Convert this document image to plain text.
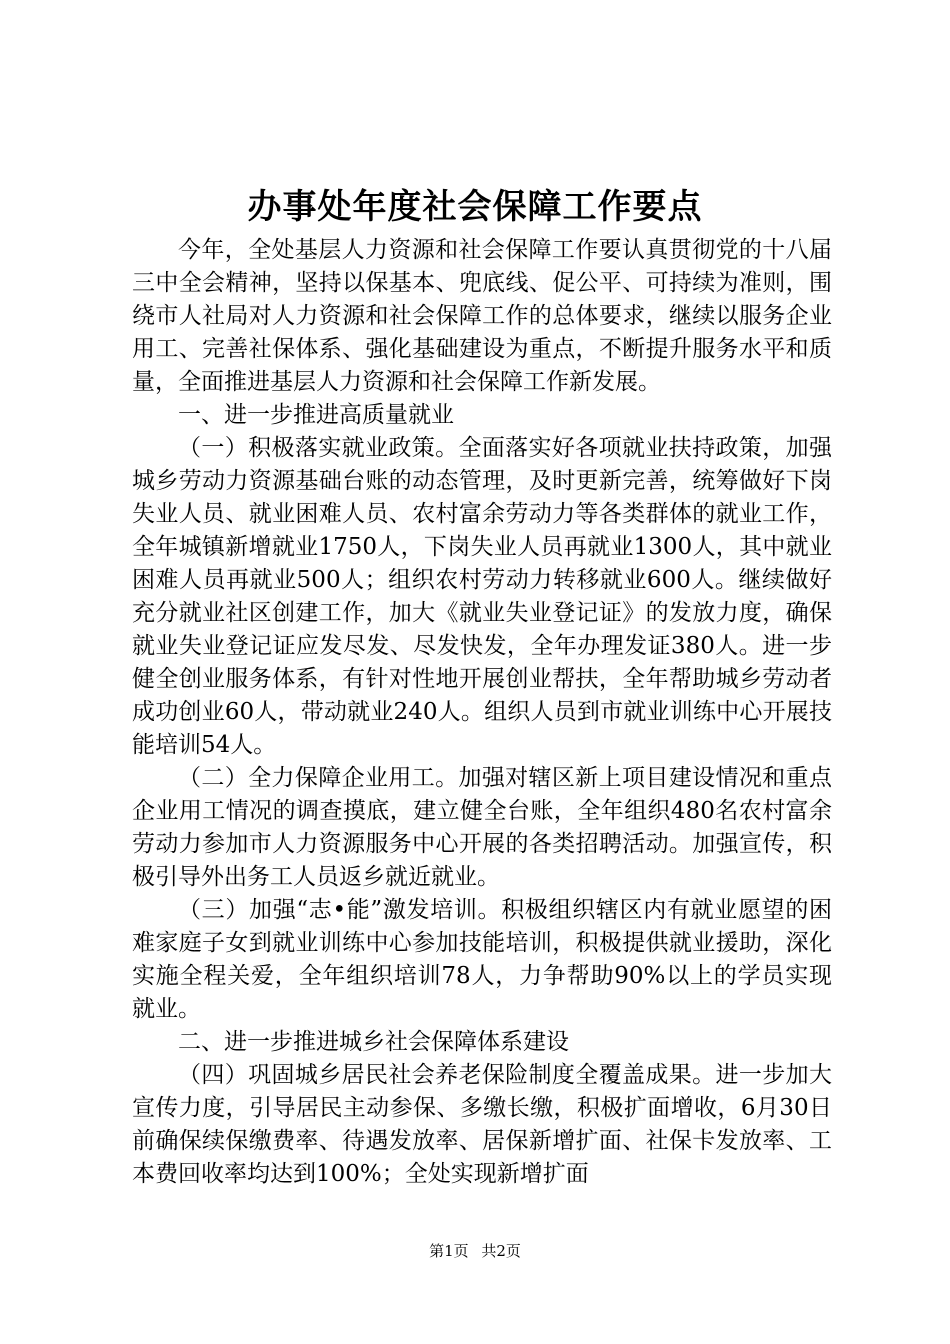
办事处年度社会保障工作要点

今年，全处基层人力资源和社会保障工作要认真贯彻党的十八届三中全会精神，坚持以保基本、兜底线、促公平、可持续为准则，围绕市人社局对人力资源和社会保障工作的总体要求，继续以服务企业用工、完善社保体系、强化基础建设为重点，不断提升服务水平和质量，全面推进基层人力资源和社会保障工作新发展。

一、进一步推进高质量就业

（一）积极落实就业政策。全面落实好各项就业扶持政策，加强城乡劳动力资源基础台账的动态管理，及时更新完善，统筹做好下岗失业人员、就业困难人员、农村富余劳动力等各类群体的就业工作，全年城镇新增就业1750人，下岗失业人员再就业1300人，其中就业困难人员再就业500人；组织农村劳动力转移就业600人。继续做好充分就业社区创建工作，加大《就业失业登记证》的发放力度，确保就业失业登记证应发尽发、尽发快发，全年办理发证380人。进一步健全创业服务体系，有针对性地开展创业帮扶，全年帮助城乡劳动者成功创业60人，带动就业240人。组织人员到市就业训练中心开展技能培训54人。

（二）全力保障企业用工。加强对辖区新上项目建设情况和重点企业用工情况的调查摸底，建立健全台账，全年组织480名农村富余劳动力参加市人力资源服务中心开展的各类招聘活动。加强宣传，积极引导外出务工人员返乡就近就业。

（三）加强“志•能”激发培训。积极组织辖区内有就业愿望的困难家庭子女到就业训练中心参加技能培训，积极提供就业援助，深化实施全程关爱，全年组织培训78人，力争帮助90%以上的学员实现就业。

二、进一步推进城乡社会保障体系建设

（四）巩固城乡居民社会养老保险制度全覆盖成果。进一步加大宣传力度，引导居民主动参保、多缴长缴，积极扩面增收，6月30日前确保续保缴费率、待遇发放率、居保新增扩面、社保卡发放率、工本费回收率均达到100%；全处实现新增扩面

第1页 共2页
